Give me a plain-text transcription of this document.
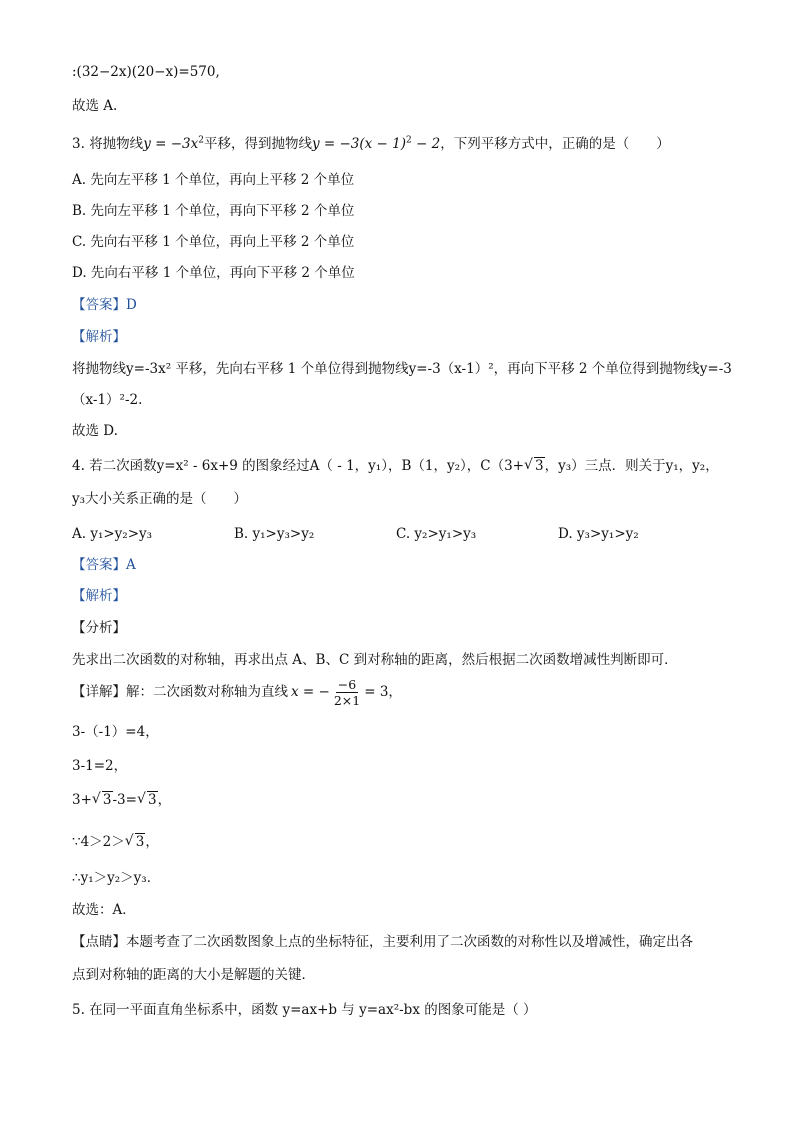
:(32−2x)(20−x)=570,
故选 A.
3. 将抛物线$y = -3x^2$平移，得到抛物线$y = -3(x - 1)^2 - 2$，下列平移方式中，正确的是（　　）
A. 先向左平移 1 个单位，再向上平移 2 个单位
B. 先向左平移 1 个单位，再向下平移 2 个单位
C. 先向右平移 1 个单位，再向上平移 2 个单位
D. 先向右平移 1 个单位，再向下平移 2 个单位
【答案】D
【解析】
将抛物线y=-3x² 平移，先向右平移 1 个单位得到抛物线y=-3（x-1）²，再向下平移 2 个单位得到抛物线y=-3
（x-1）²-2.
故选 D.
4. 若二次函数y=x² - 6x+9 的图象经过A（ - 1，y₁），B（1，y₂），C（3+ √ 3，y₃）三点．则关于y₁，y₂，
y₃大小关系正确的是（　　）
A. y₁>y₂>y₃	B. y₁>y₃>y₂	C. y₂>y₁>y₃	D. y₃>y₁>y₂
【答案】A
【解析】
【分析】
先求出二次函数的对称轴，再求出点 A、B、C 到对称轴的距离，然后根据二次函数增减性判断即可．
【详解】 解：二次函数对称轴为直线 x = − $\frac{-6}{2\times 1} = 3$，
3-（-1）=4，
3-1=2，
3+ √ 3-3= √ 3，
∵4＞2＞ √ 3，
∴y₁＞y₂＞y₃．
故选：A．
【点睛】本题考查了二次函数图象上点的坐标特征，主要利用了二次函数的对称性以及增减性，确定出各
点到对称轴的距离的大小是解题的关键．
5. 在同一平面直角坐标系中，函数 y=ax+b 与 y=ax²-bx 的图象可能是（ ）
